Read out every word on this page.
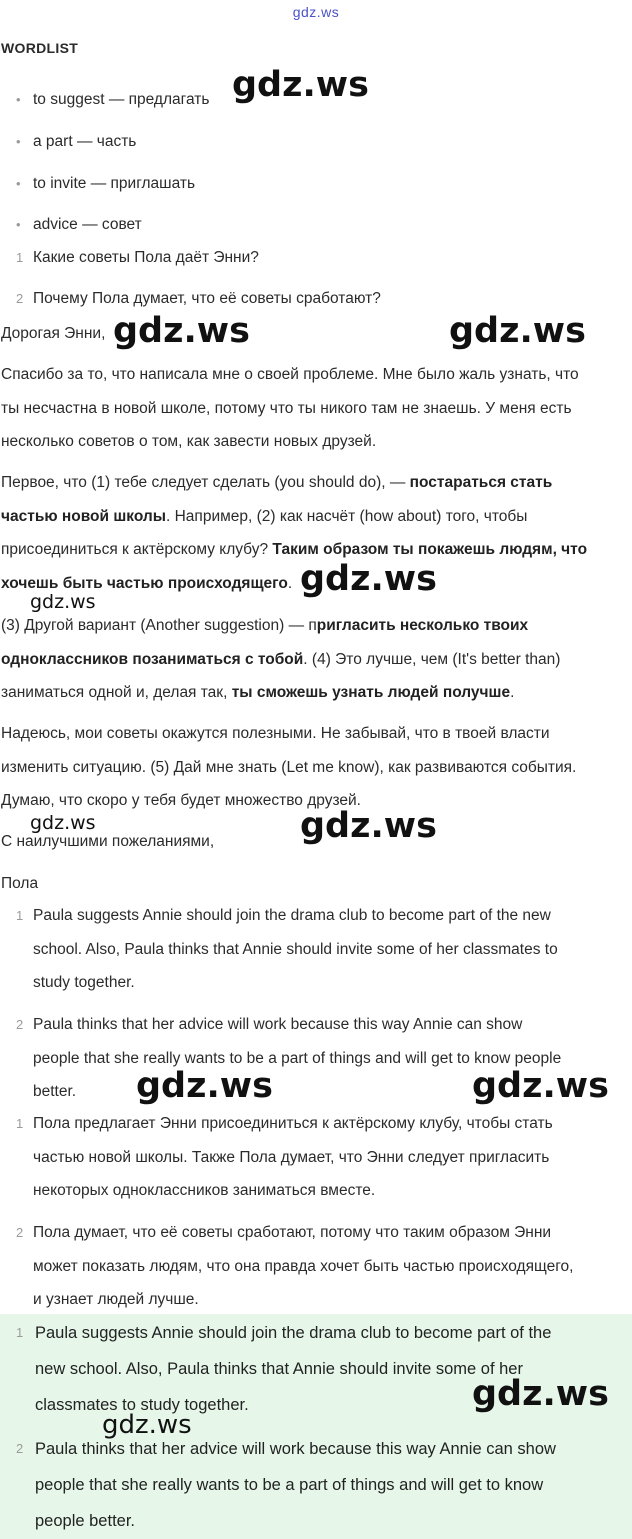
gdz.ws
WORDLIST
• to suggest — предлагать
• a part — часть
• to invite — приглашать
• advice — совет
1 Какие советы Пола даёт Энни?
2 Почему Пола думает, что её советы сработают?
Дорогая Энни,
Спасибо за то, что написала мне о своей проблеме. Мне было жаль узнать, что
ты несчастна в новой школе, потому что ты никого там не знаешь. У меня есть
несколько советов о том, как завести новых друзей.
Первое, что (1) тебе следует сделать (you should do), — постараться стать
частью новой школы. Например, (2) как насчёт (how about) того, чтобы
присоединиться к актёрскому клубу? Таким образом ты покажешь людям, что
хочешь быть частью происходящего.
(3) Другой вариант (Another suggestion) — пригласить несколько твоих
одноклассников позаниматься с тобой. (4) Это лучше, чем (It's better than)
заниматься одной и, делая так, ты сможешь узнать людей получше.
Надеюсь, мои советы окажутся полезными. Не забывай, что в твоей власти
изменить ситуацию. (5) Дай мне знать (Let me know), как развиваются события.
Думаю, что скоро у тебя будет множество друзей.
С наилучшими пожеланиями,
Пола
1 Paula suggests Annie should join the drama club to become part of the new
school. Also, Paula thinks that Annie should invite some of her classmates to
study together.
2 Paula thinks that her advice will work because this way Annie can show
people that she really wants to be a part of things and will get to know people
better.
1 Пола предлагает Энни присоединиться к актёрскому клубу, чтобы стать
частью новой школы. Также Пола думает, что Энни следует пригласить
некоторых одноклассников заниматься вместе.
2 Пола думает, что её советы сработают, потому что таким образом Энни
может показать людям, что она правда хочет быть частью происходящего,
и узнает людей лучше.
1 Paula suggests Annie should join the drama club to become part of the
new school. Also, Paula thinks that Annie should invite some of her
classmates to study together.
2 Paula thinks that her advice will work because this way Annie can show
people that she really wants to be a part of things and will get to know
people better.
gdz.ws
gdz.ws	gdz.ws
gdz.ws
gdz.ws
gdz.ws	gdz.ws
gdz.ws	gdz.ws
gdz.ws
gdz.ws
